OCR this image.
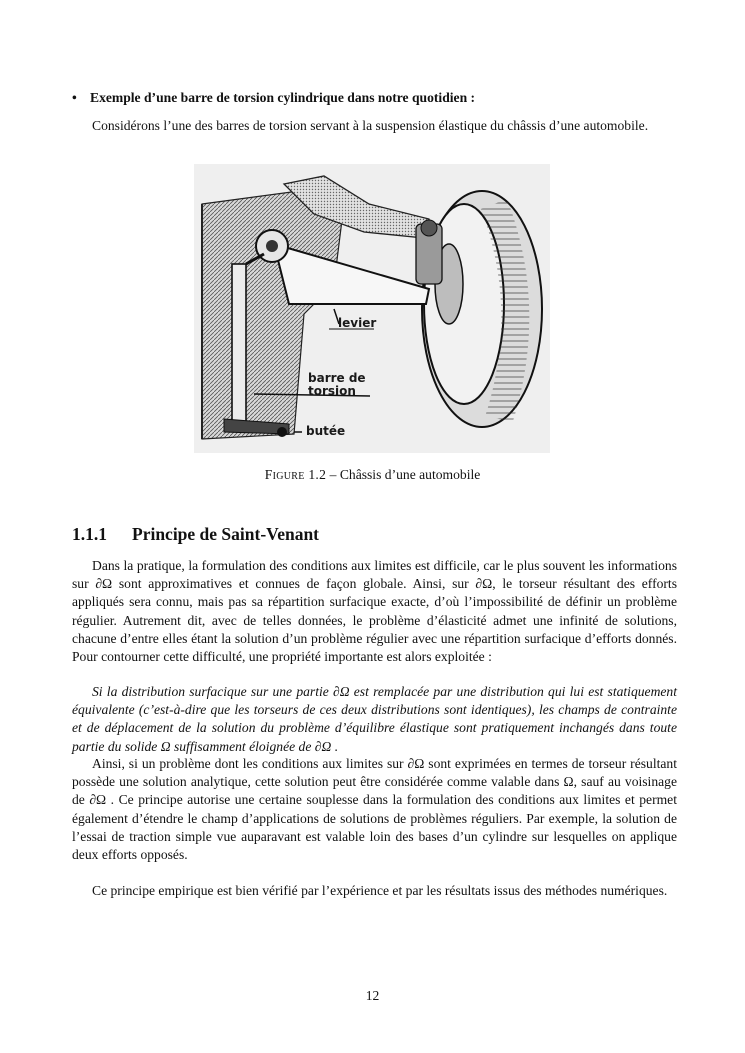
• Exemple d’une barre de torsion cylindrique dans notre quotidien :
Considérons l’une des barres de torsion servant à la suspension élastique du châssis d’une automobile.
levier
barre de
torsion
butée
Figure 1.2 – Châssis d’une automobile
1.1.1 Principe de Saint-Venant
Dans la pratique, la formulation des conditions aux limites est difficile, car le plus souvent les informations sur ∂Ω sont approximatives et connues de façon globale. Ainsi, sur ∂Ω, le torseur résultant des efforts appliqués sera connu, mais pas sa répartition surfacique exacte, d’où l’impossibilité de définir un problème régulier. Autrement dit, avec de telles données, le problème d’élasticité admet une infinité de solutions, chacune d’entre elles étant la solution d’un problème régulier avec une répartition surfacique d’efforts donnés. Pour contourner cette difficulté, une propriété importante est alors exploitée :
Si la distribution surfacique sur une partie ∂Ω est remplacée par une distribution qui lui est statiquement équivalente (c’est-à-dire que les torseurs de ces deux distributions sont identiques), les champs de contrainte et de déplacement de la solution du problème d’équilibre élastique sont pratiquement inchangés dans toute partie du solide Ω suffisamment éloignée de ∂Ω .
Ainsi, si un problème dont les conditions aux limites sur ∂Ω sont exprimées en termes de torseur résultant possède une solution analytique, cette solution peut être considérée comme valable dans Ω, sauf au voisinage de ∂Ω . Ce principe autorise une certaine souplesse dans la formulation des conditions aux limites et permet également d’étendre le champ d’applications de solutions de problèmes réguliers. Par exemple, la solution de l’essai de traction simple vue auparavant est valable loin des bases d’un cylindre sur lesquelles on applique deux efforts opposés.
Ce principe empirique est bien vérifié par l’expérience et par les résultats issus des méthodes numériques.
12
